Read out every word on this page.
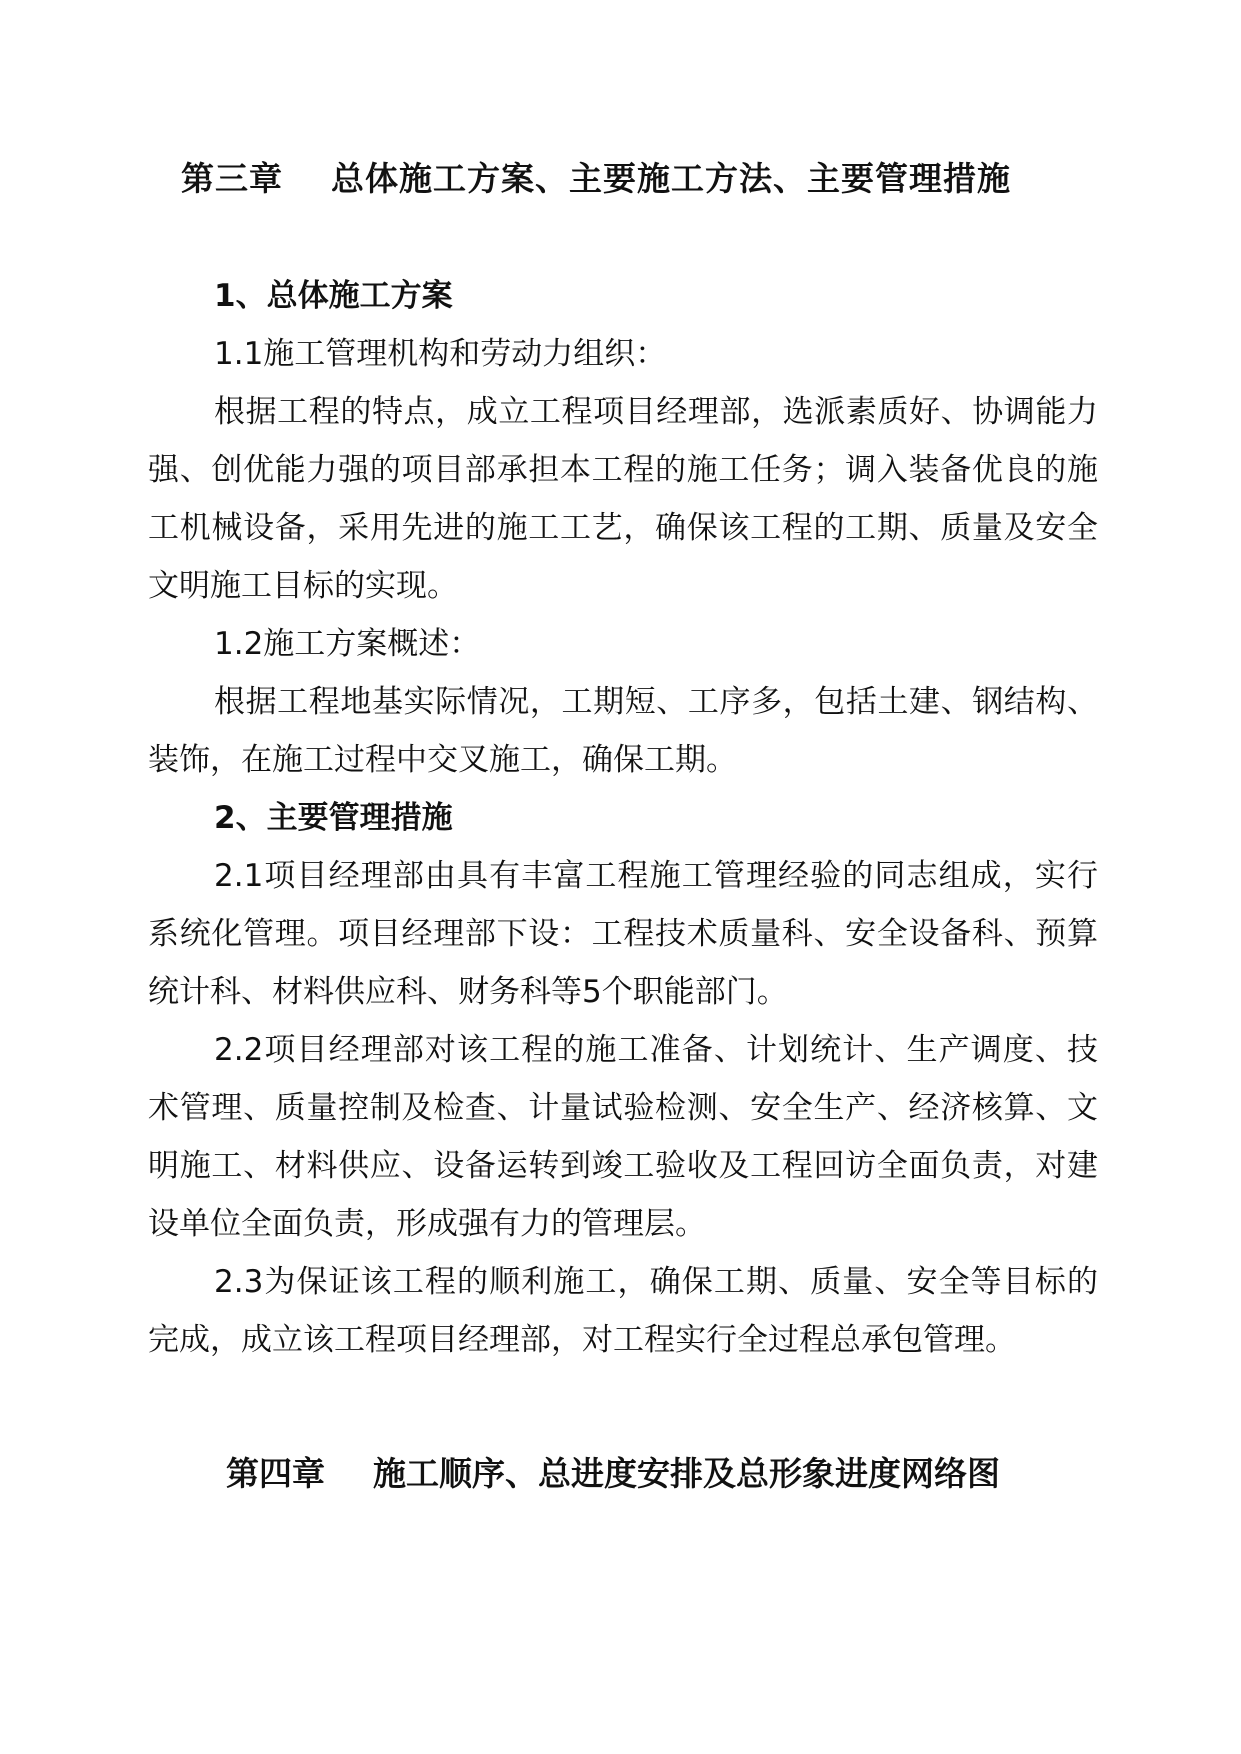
第三章 总体施工方案、主要施工方法、主要管理措施

1、总体施工方案

1.1施工管理机构和劳动力组织：

根据工程的特点，成立工程项目经理部，选派素质好、协调能力强、创优能力强的项目部承担本工程的施工任务；调入装备优良的施工机械设备，采用先进的施工工艺，确保该工程的工期、质量及安全文明施工目标的实现。

1.2施工方案概述：

根据工程地基实际情况，工期短、工序多，包括土建、钢结构、装饰，在施工过程中交叉施工，确保工期。

2、主要管理措施

2.1项目经理部由具有丰富工程施工管理经验的同志组成，实行系统化管理。项目经理部下设：工程技术质量科、安全设备科、预算统计科、材料供应科、财务科等5个职能部门。

2.2项目经理部对该工程的施工准备、计划统计、生产调度、技术管理、质量控制及检查、计量试验检测、安全生产、经济核算、文明施工、材料供应、设备运转到竣工验收及工程回访全面负责，对建设单位全面负责，形成强有力的管理层。

2.3为保证该工程的顺利施工，确保工期、质量、安全等目标的完成，成立该工程项目经理部，对工程实行全过程总承包管理。

第四章 施工顺序、总进度安排及总形象进度网络图
